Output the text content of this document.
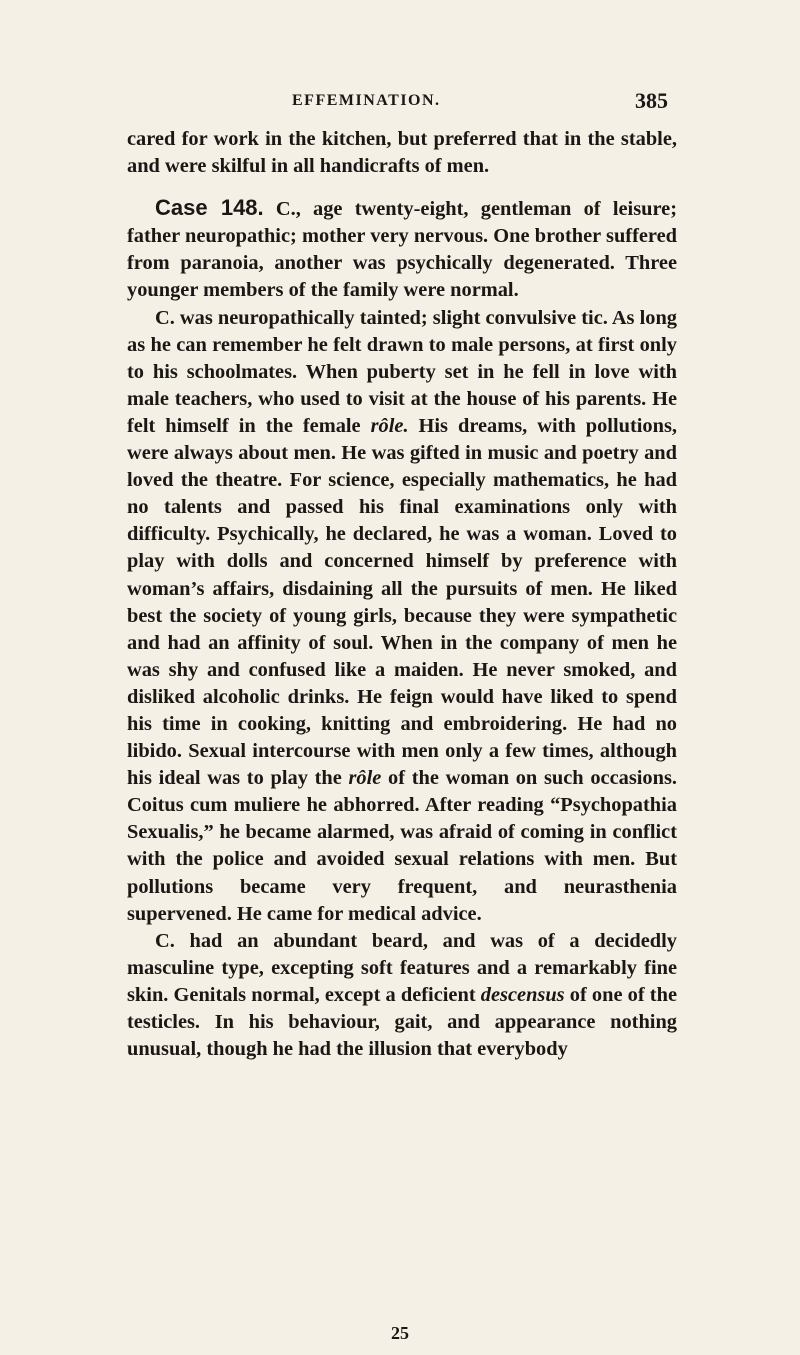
EFFEMINATION.	385

cared for work in the kitchen, but preferred that in the stable, and were skilful in all handicrafts of men.

Case 148. C., age twenty-eight, gentleman of leisure; father neuropathic; mother very nervous. One brother suffered from paranoia, another was psychically degenerated. Three younger members of the family were normal.

C. was neuropathically tainted; slight convulsive tic. As long as he can remember he felt drawn to male persons, at first only to his schoolmates. When puberty set in he fell in love with male teachers, who used to visit at the house of his parents. He felt himself in the female rôle. His dreams, with pollutions, were always about men. He was gifted in music and poetry and loved the theatre. For science, especially mathematics, he had no talents and passed his final examinations only with difficulty. Psychically, he declared, he was a woman. Loved to play with dolls and concerned himself by preference with woman’s affairs, disdaining all the pursuits of men. He liked best the society of young girls, because they were sympathetic and had an affinity of soul. When in the company of men he was shy and confused like a maiden. He never smoked, and disliked alcoholic drinks. He feign would have liked to spend his time in cooking, knitting and embroidering. He had no libido. Sexual intercourse with men only a few times, although his ideal was to play the rôle of the woman on such occasions. Coitus cum muliere he abhorred. After reading “Psychopathia Sexualis,” he became alarmed, was afraid of coming in conflict with the police and avoided sexual relations with men. But pollutions became very frequent, and neurasthenia supervened. He came for medical advice.

C. had an abundant beard, and was of a decidedly masculine type, excepting soft features and a remarkably fine skin. Genitals normal, except a deficient descensus of one of the testicles. In his behaviour, gait, and appearance nothing unusual, though he had the illusion that everybody

25
